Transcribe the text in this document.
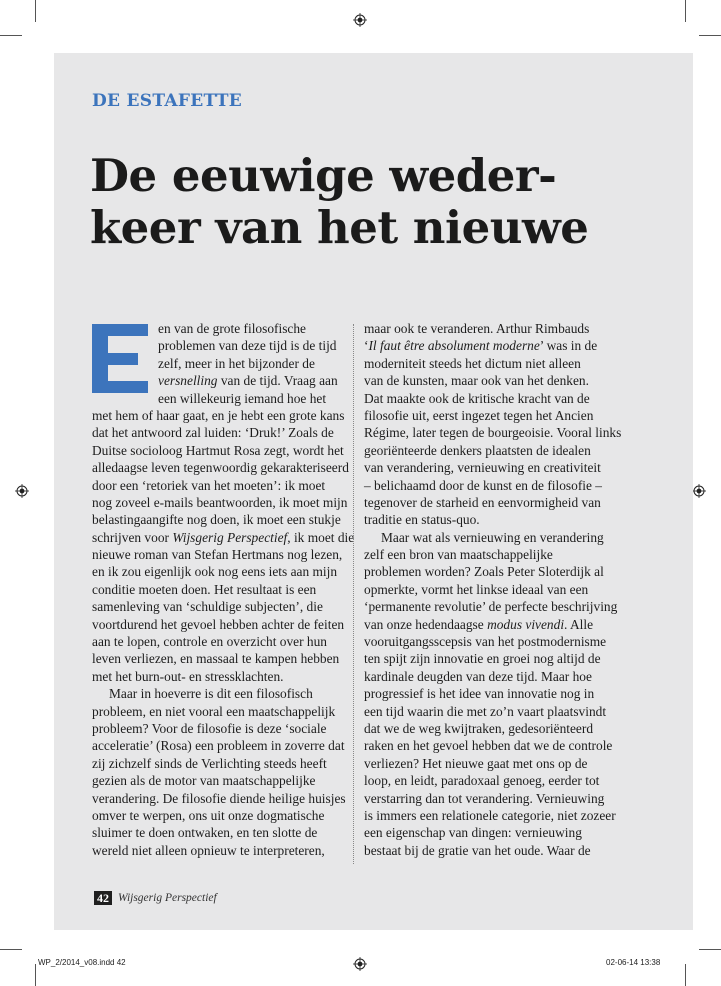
DE ESTAFETTE
De eeuwige weder-
keer van het nieuwe
en van de grote filosofische
problemen van deze tijd is de tijd
zelf, meer in het bijzonder de
versnelling van de tijd. Vraag aan
een willekeurig iemand hoe het
met hem of haar gaat, en je hebt een grote kans
dat het antwoord zal luiden: ‘Druk!’ Zoals de
Duitse socioloog Hartmut Rosa zegt, wordt het
alledaagse leven tegenwoordig gekarakteriseerd
door een ‘retoriek van het moeten’: ik moet
nog zoveel e-mails beantwoorden, ik moet mijn
belastingaangifte nog doen, ik moet een stukje
schrijven voor Wijsgerig Perspectief, ik moet die
nieuwe roman van Stefan Hertmans nog lezen,
en ik zou eigenlijk ook nog eens iets aan mijn
conditie moeten doen. Het resultaat is een
samenleving van ‘schuldige subjecten’, die
voortdurend het gevoel hebben achter de feiten
aan te lopen, controle en overzicht over hun
leven verliezen, en massaal te kampen hebben
met het burn-out- en stressklachten.
Maar in hoeverre is dit een filosofisch
probleem, en niet vooral een maatschappelijk
probleem? Voor de filosofie is deze ‘sociale
acceleratie’ (Rosa) een probleem in zoverre dat
zij zichzelf sinds de Verlichting steeds heeft
gezien als de motor van maatschappelijke
verandering. De filosofie diende heilige huisjes
omver te werpen, ons uit onze dogmatische
sluimer te doen ontwaken, en ten slotte de
wereld niet alleen opnieuw te interpreteren,
maar ook te veranderen. Arthur Rimbauds
‘Il faut être absolument moderne’ was in de
moderniteit steeds het dictum niet alleen
van de kunsten, maar ook van het denken.
Dat maakte ook de kritische kracht van de
filosofie uit, eerst ingezet tegen het Ancien
Régime, later tegen de bourgeoisie. Vooral links
georiënteerde denkers plaatsten de idealen
van verandering, vernieuwing en creativiteit
– belichaamd door de kunst en de filosofie –
tegenover de starheid en eenvormigheid van
traditie en status-quo.
Maar wat als vernieuwing en verandering
zelf een bron van maatschappelijke
problemen worden? Zoals Peter Sloterdijk al
opmerkte, vormt het linkse ideaal van een
‘permanente revolutie’ de perfecte beschrijving
van onze hedendaagse modus vivendi. Alle
vooruitgangsscepsis van het postmodernisme
ten spijt zijn innovatie en groei nog altijd de
kardinale deugden van deze tijd. Maar hoe
progressief is het idee van innovatie nog in
een tijd waarin die met zo’n vaart plaatsvindt
dat we de weg kwijtraken, gedesoriënteerd
raken en het gevoel hebben dat we de controle
verliezen? Het nieuwe gaat met ons op de
loop, en leidt, paradoxaal genoeg, eerder tot
verstarring dan tot verandering. Vernieuwing
is immers een relationele categorie, niet zozeer
een eigenschap van dingen: vernieuwing
bestaat bij de gratie van het oude. Waar de
42 Wijsgerig Perspectief
WP_2/2014_v08.indd 42	02-06-14 13:38
